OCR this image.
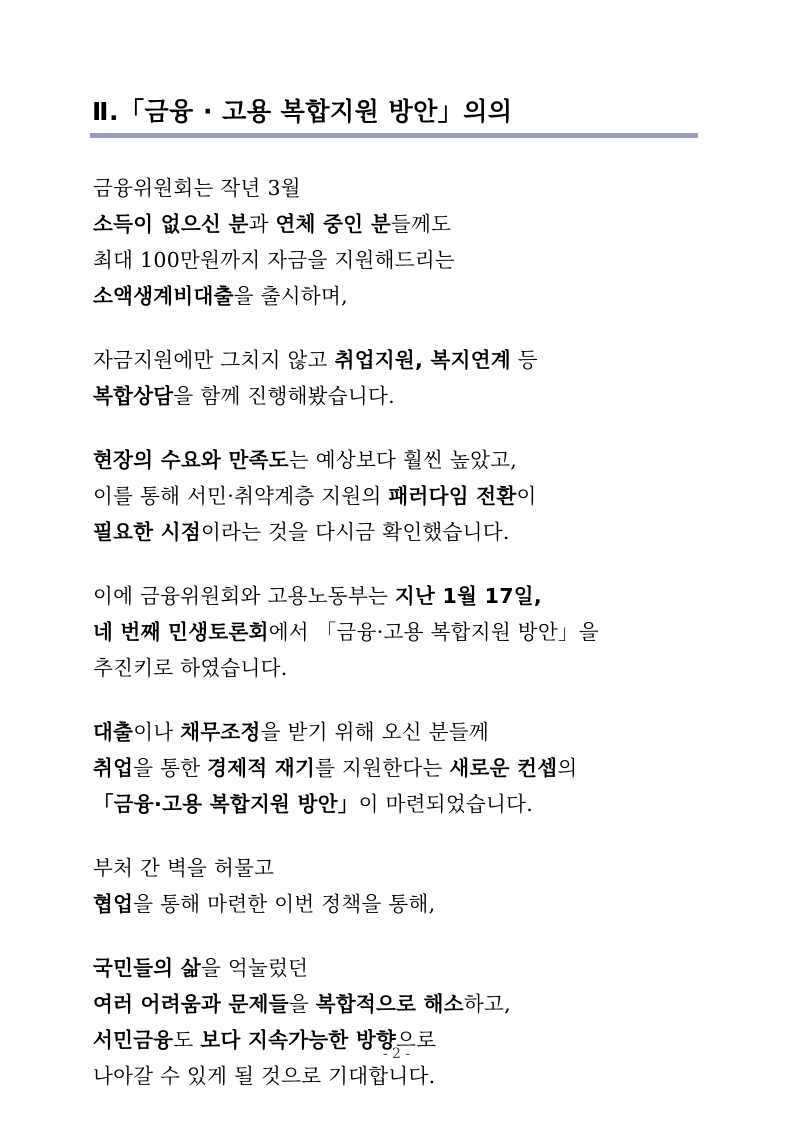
Ⅱ.「금융 · 고용 복합지원 방안」의의
금융위원회는 작년 3월
소득이 없으신 분과 연체 중인 분들께도
최대 100만원까지 자금을 지원해드리는
소액생계비대출을 출시하며,
자금지원에만 그치지 않고 취업지원, 복지연계 등
복합상담을 함께 진행해봤습니다.
현장의 수요와 만족도는 예상보다 훨씬 높았고,
이를 통해 서민·취약계층 지원의 패러다임 전환이
필요한 시점이라는 것을 다시금 확인했습니다.
이에 금융위원회와 고용노동부는 지난 1월 17일,
네 번째 민생토론회에서 「금융·고용 복합지원 방안」을
추진키로 하였습니다.
대출이나 채무조정을 받기 위해 오신 분들께
취업을 통한 경제적 재기를 지원한다는 새로운 컨셉의
「금융·고용 복합지원 방안」이 마련되었습니다.
부처 간 벽을 허물고
협업을 통해 마련한 이번 정책을 통해,
국민들의 삶을 억눌렀던
여러 어려움과 문제들을 복합적으로 해소하고,
서민금융도 보다 지속가능한 방향으로
나아갈 수 있게 될 것으로 기대합니다.
- 2 -
